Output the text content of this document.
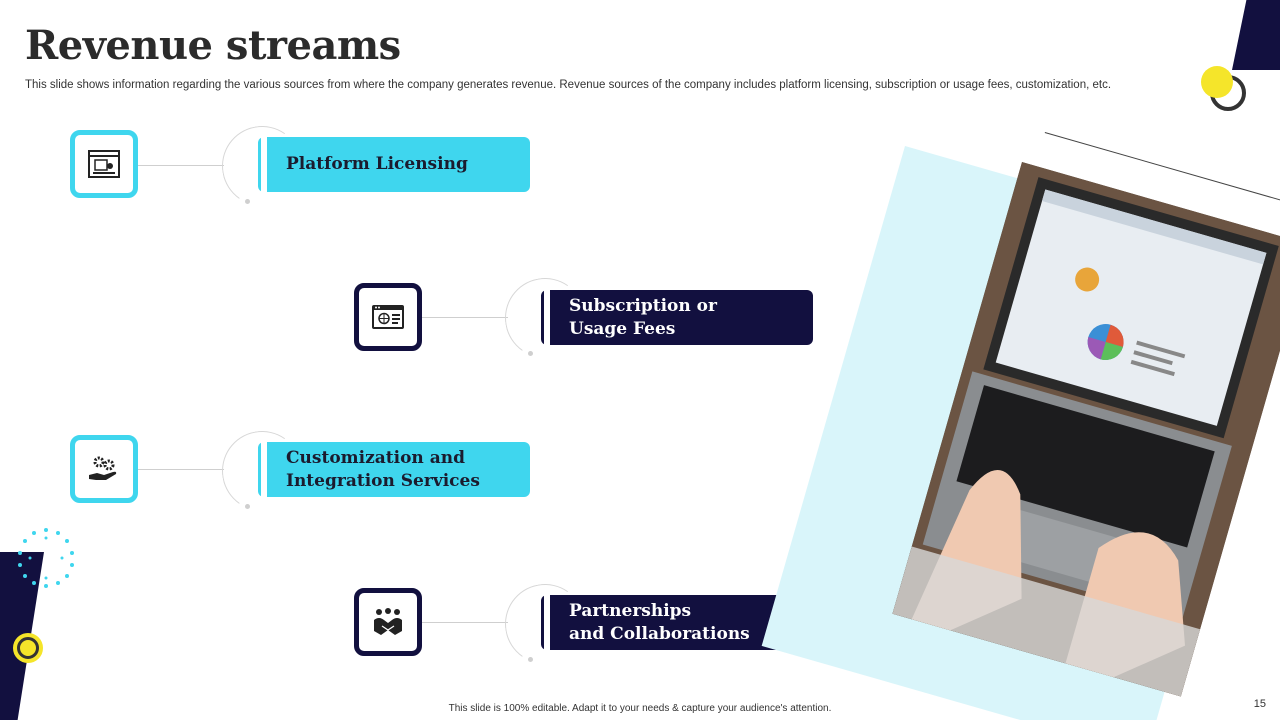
Revenue streams
This slide shows information regarding the various sources from where the company generates revenue. Revenue sources of the company includes platform licensing, subscription or usage fees, customization, etc.
Platform Licensing
Subscription or
Usage Fees
Customization and
Integration Services
Partnerships
and Collaborations
This slide is 100% editable. Adapt it to your needs & capture your audience's attention.	15
